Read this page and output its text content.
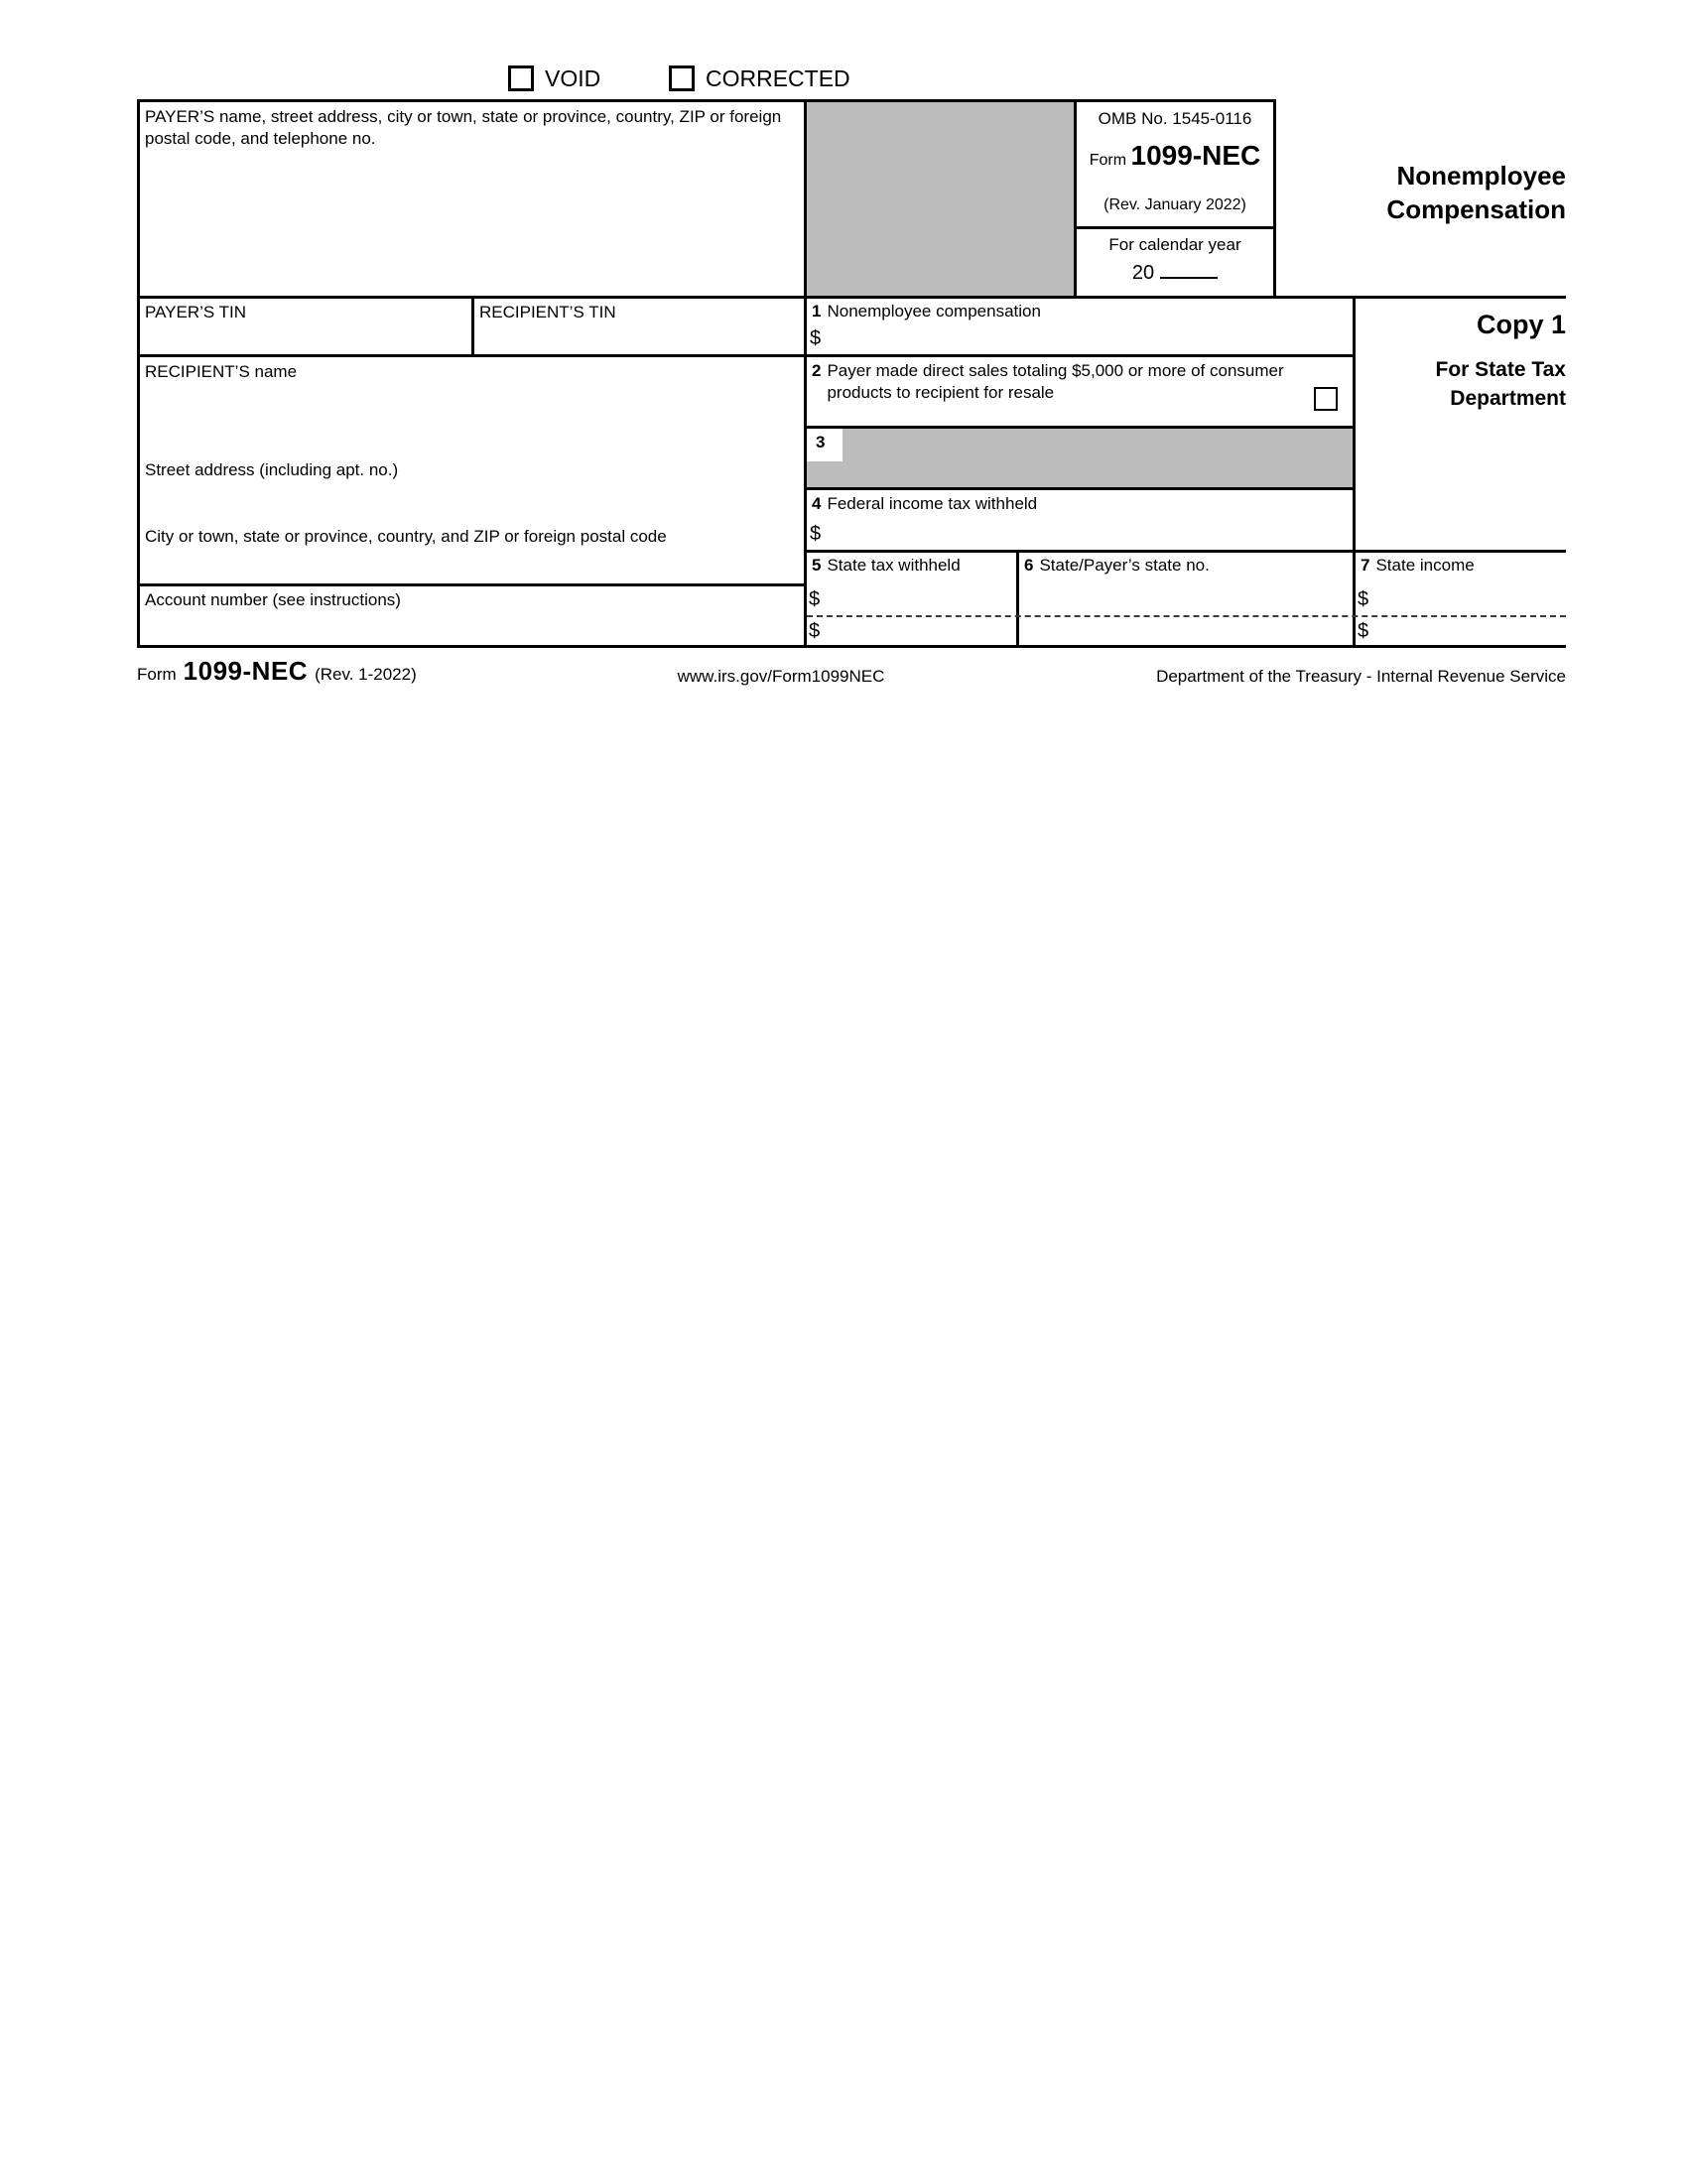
VOID	CORRECTED
3
PAYER’S name, street address, city or town, state or province, country, ZIP or foreign postal code, and telephone no.
OMB No. 1545-0116
Form 1099-NEC
(Rev. January 2022)
For calendar year
20
Nonemployee
Compensation
Copy 1
For State Tax
Department
PAYER’S TIN	RECIPIENT’S TIN	1 Nonemployee compensation
$
RECIPIENT’S name
Street address (including apt. no.)
City or town, state or province, country, and ZIP or foreign postal code
2 Payer made direct sales totaling $5,000 or more of consumer products to recipient for resale
4 Federal income tax withheld
$
Account number (see instructions)
5 State tax withheld
$
$
6 State/Payer’s state no.	7 State income
$
$
Form 1099-NEC (Rev. 1-2022)	www.irs.gov/Form1099NEC	Department of the Treasury - Internal Revenue Service
